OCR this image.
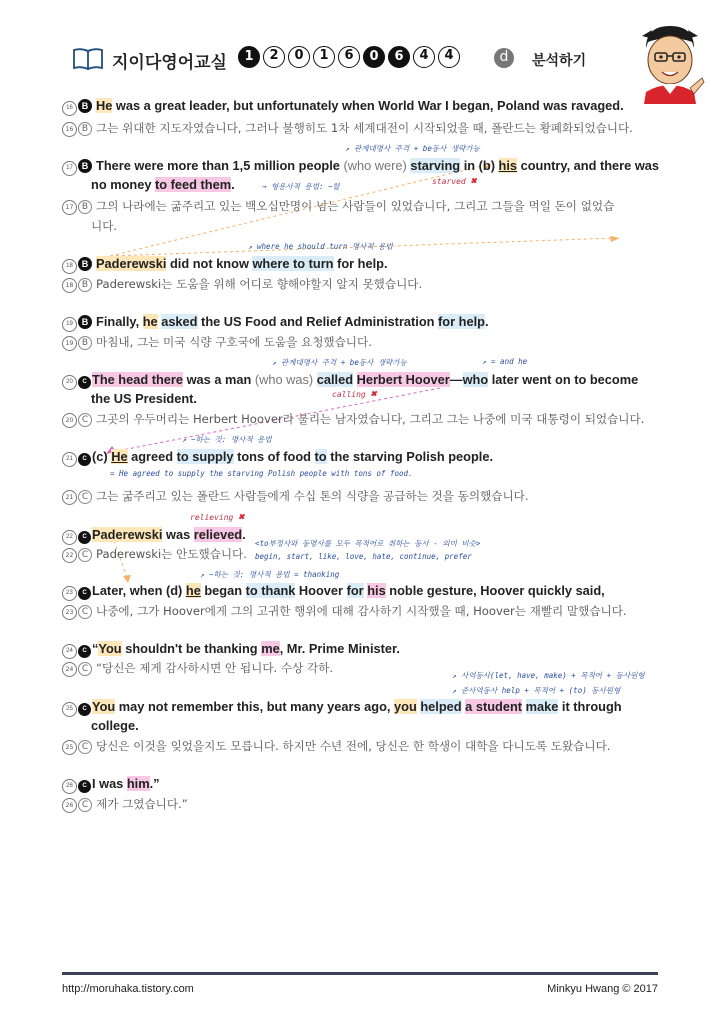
지이다영어교실	1 2 0 1 6 0 6 4 4	d	분석하기
16 B He was a great leader, but unfortunately when World War I began, Poland was ravaged.
16 B 그는 위대한 지도자였습니다, 그러나 불행히도 1차 세계대전이 시작되었을 때, 폴란드는 황폐화되었습니다.
↗ 관계대명사 주격 + be동사 생략가능
17 B There were more than 1,5 million people (who were) starving in (b) his country, and there was
no money to feed them.	→ 형용사적 용법: ~할
starved ✖
17 B 그의 나라에는 굶주리고 있는 백오십만명이 넘는 사람들이 있었습니다, 그리고 그들을 먹일 돈이 없었습
니다.
↗ where he should turn 명사적 용법
18 B Paderewski did not know where to turn for help.
18 B Paderewski는 도움을 위해 어디로 향해야할지 알지 못했습니다.
19 B Finally, he asked the US Food and Relief Administration for help.
19 B 마침내, 그는 미국 식량 구호국에 도움을 요청했습니다.
↗ 관계대명사 주격 + be동사 생략가능	↗ = and he
20 C The head there was a man (who was) called Herbert Hoover—who later went on to become
the US President.	calling ✖
20 C 그곳의 우두머리는 Herbert Hoover라 불리는 남자였습니다, 그리고 그는 나중에 미국 대통령이 되었습니다.
↗ ~하는 것: 명사적 용법
21 C (c) He agreed to supply tons of food to the starving Polish people.
= He agreed to supply the starving Polish people with tons of food.
21 C 그는 굶주리고 있는 폴란드 사람들에게 수십 톤의 식량을 공급하는 것을 동의했습니다.
relieving ✖
22 C Paderewski was relieved.
<to부정사와 동명사를 모두 목적어로 취하는 동사 - 의미 비슷>
22 C Paderewski는 안도했습니다. begin, start, like, love, hate, continue, prefer
↗ ~하는 것: 명사적 용법 = thanking
23 C Later, when (d) he began to thank Hoover for his noble gesture, Hoover quickly said,
23 C 나중에, 그가 Hoover에게 그의 고귀한 행위에 대해 감사하기 시작했을 때, Hoover는 재빨리 말했습니다.
24 C “You shouldn't be thanking me, Mr. Prime Minister.
24 C “당신은 제게 감사하시면 안 됩니다. 수상 각하.
↗ 사역동사(let, have, make) + 목적어 + 동사원형
↗ 준사역동사 help + 목적어 + (to) 동사원형
25 C You may not remember this, but many years ago, you helped a student make it through
college.
25 C 당신은 이것을 잊었을지도 모릅니다. 하지만 수년 전에, 당신은 한 학생이 대학을 다니도록 도왔습니다.
26 C I was him.”
26 C 제가 그였습니다.”
http://moruhaka.tistory.com	Minkyu Hwang © 2017
